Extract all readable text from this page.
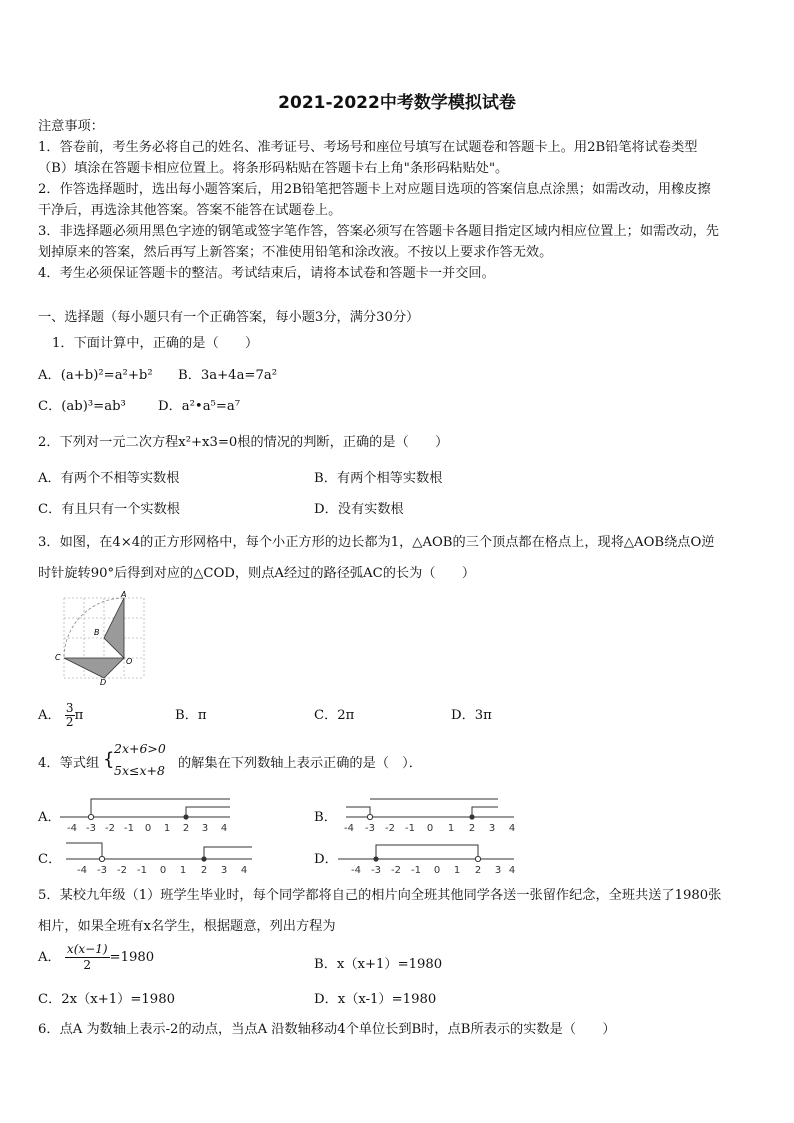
2021-2022中考数学模拟试卷
注意事项：
1．答卷前，考生务必将自己的姓名、准考证号、考场号和座位号填写在试题卷和答题卡上。用2B铅笔将试卷类型
（B）填涂在答题卡相应位置上。将条形码粘贴在答题卡右上角"条形码粘贴处"。
2．作答选择题时，选出每小题答案后，用2B铅笔把答题卡上对应题目选项的答案信息点涂黑；如需改动，用橡皮擦
干净后，再选涂其他答案。答案不能答在试题卷上。
3．非选择题必须用黑色字迹的钢笔或签字笔作答，答案必须写在答题卡各题目指定区域内相应位置上；如需改动，先
划掉原来的答案，然后再写上新答案；不准使用铅笔和涂改液。不按以上要求作答无效。
4．考生必须保证答题卡的整洁。考试结束后，请将本试卷和答题卡一并交回。
一、选择题（每小题只有一个正确答案，每小题3分，满分30分）
1．下面计算中，正确的是（　　）
A．(a+b)²=a²+b² B．3a+4a=7a²
C．(ab)³=ab³ D．a²•a⁵=a⁷
2．下列对一元二次方程x²+x3=0根的情况的判断，正确的是（　　）
A．有两个不相等实数根	B．有两个相等实数根
C．有且只有一个实数根	D．没有实数根
3．如图，在4×4的正方形网格中，每个小正方形的边长都为1，△AOB的三个顶点都在格点上，现将△AOB绕点O逆
时针旋转90°后得到对应的△COD，则点A经过的路径弧AC的长为（　　）
A
B
C
D
O
A． $\frac{3}{2}$ π	B．π	C．2π	D．3π
4．等式组 {
2x+6>0
5x≤x+8 的解集在下列数轴上表示正确的是（　）．
A．	B．
C．	D．
-4 -3 -2 -1 0 1 2 3 4	-4 -3 -2 -1 0 1 2 3 4
-4 -3 -2 -1 0 1 2 3 4	-4 -3 -2 -1 0 1 2 3 4
5．某校九年级（1）班学生毕业时，每个同学都将自己的相片向全班其他同学各送一张留作纪念，全班共送了1980张
相片，如果全班有x名学生，根据题意，列出方程为
A． $\frac{x(x-1)}{2} =1980$	B．x（x+1）=1980
C．2x（x+1）=1980	D．x（x-1）=1980
6．点A 为数轴上表示-2的动点，当点A 沿数轴移动4个单位长到B时，点B所表示的实数是（　　）
